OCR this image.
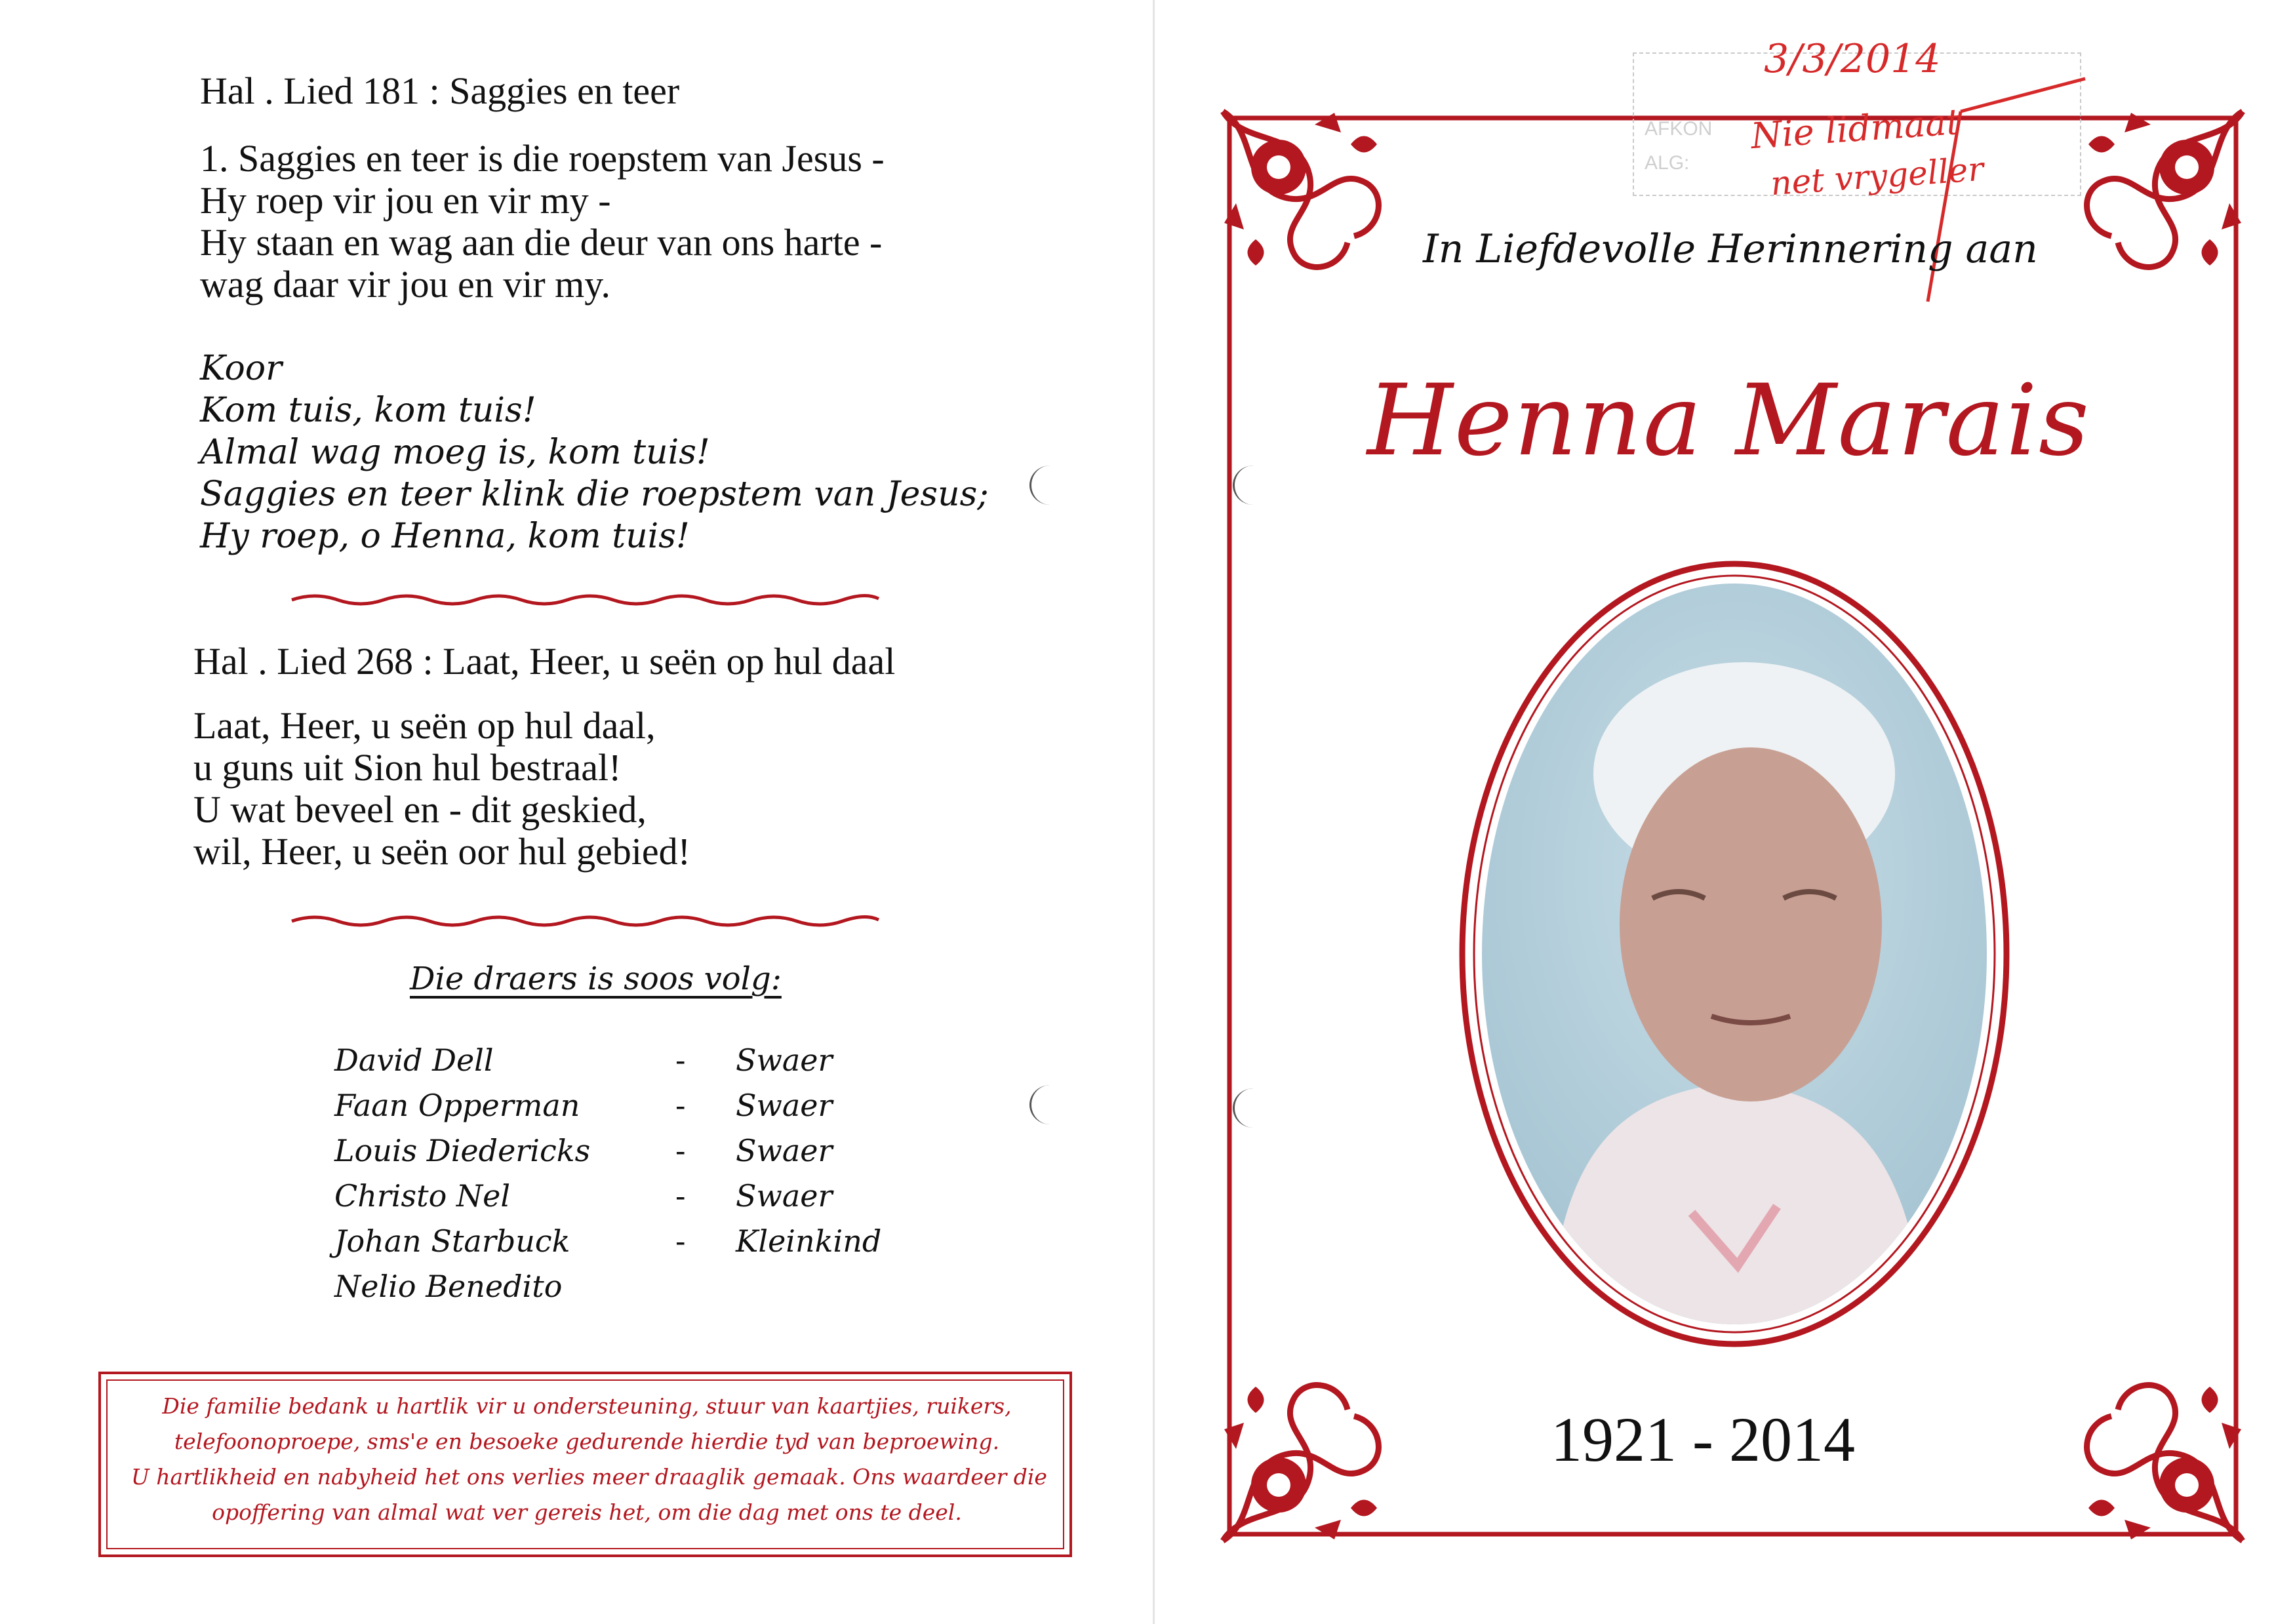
Hal . Lied 181 : Saggies en teer
1. Saggies en teer is die roepstem van Jesus -
Hy roep vir jou en vir my -
Hy staan en wag aan die deur van ons harte -
wag daar vir jou en vir my.
Koor
Kom tuis, kom tuis!
Almal wag moeg is, kom tuis!
Saggies en teer klink die roepstem van Jesus;
Hy roep, o Henna, kom tuis!
Hal . Lied 268 : Laat, Heer, u seën op hul daal
Laat, Heer, u seën op hul daal,
u guns uit Sion hul bestraal!
U wat beveel en - dit geskied,
wil, Heer, u seën oor hul gebied!
Die draers is soos volg:
David Dell	- Swaer
Faan Opperman	- Swaer
Louis Diedericks	- Swaer
Christo Nel	- Swaer
Johan Starbuck	- Kleinkind
Nelio Benedito
Die familie bedank u hartlik vir u ondersteuning, stuur van kaartjies, ruikers,
telefoonoproepe, sms'e en besoeke gedurende hierdie tyd van beproewing.
U hartlikheid en nabyheid het ons verlies meer draaglik gemaak. Ons waardeer die
opoffering van almal wat ver gereis het, om die dag met ons te deel.
AFKON
ALG:
3/3/2014
Nie lidmaat
net vrygeller
In Liefdevolle Herinnering aan
Henna Marais
1921 - 2014
